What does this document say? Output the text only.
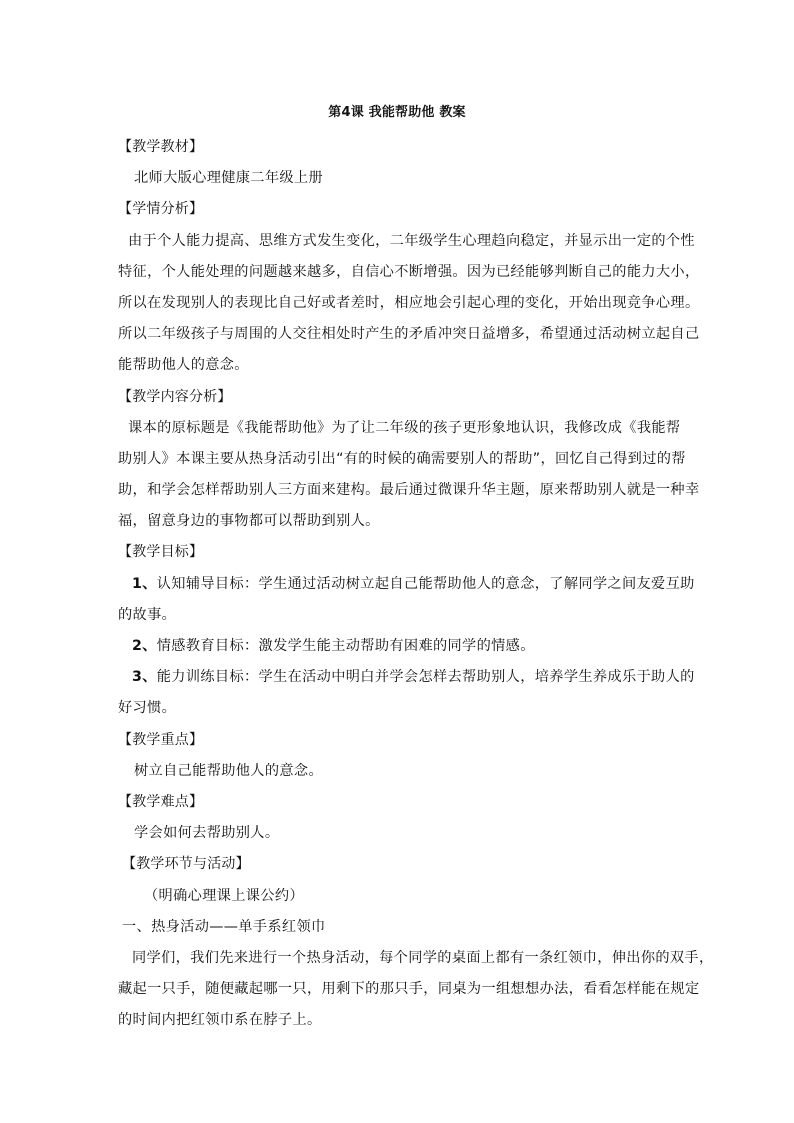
第4课 我能帮助他 教案
【教学教材】
北师大版心理健康二年级上册
【学情分析】
由于个人能力提高、思维方式发生变化，二年级学生心理趋向稳定，并显示出一定的个性
特征，个人能处理的问题越来越多，自信心不断增强。因为已经能够判断自己的能力大小，
所以在发现别人的表现比自己好或者差时，相应地会引起心理的变化，开始出现竞争心理。
所以二年级孩子与周围的人交往相处时产生的矛盾冲突日益增多，希望通过活动树立起自己
能帮助他人的意念。
【教学内容分析】
课本的原标题是《我能帮助他》为了让二年级的孩子更形象地认识，我修改成《我能帮
助别人》本课主要从热身活动引出“有的时候的确需要别人的帮助”，回忆自己得到过的帮
助，和学会怎样帮助别人三方面来建构。最后通过微课升华主题，原来帮助别人就是一种幸
福，留意身边的事物都可以帮助到别人。
【教学目标】
1、认知辅导目标：学生通过活动树立起自己能帮助他人的意念，了解同学之间友爱互助
的故事。
2、情感教育目标：激发学生能主动帮助有困难的同学的情感。
3、能力训练目标：学生在活动中明白并学会怎样去帮助别人，培养学生养成乐于助人的
好习惯。
【教学重点】
树立自己能帮助他人的意念。
【教学难点】
学会如何去帮助别人。
【教学环节与活动】
（明确心理课上课公约）
一、热身活动——单手系红领巾
同学们，我们先来进行一个热身活动，每个同学的桌面上都有一条红领巾，伸出你的双手，
藏起一只手，随便藏起哪一只，用剩下的那只手，同桌为一组想想办法，看看怎样能在规定
的时间内把红领巾系在脖子上。
